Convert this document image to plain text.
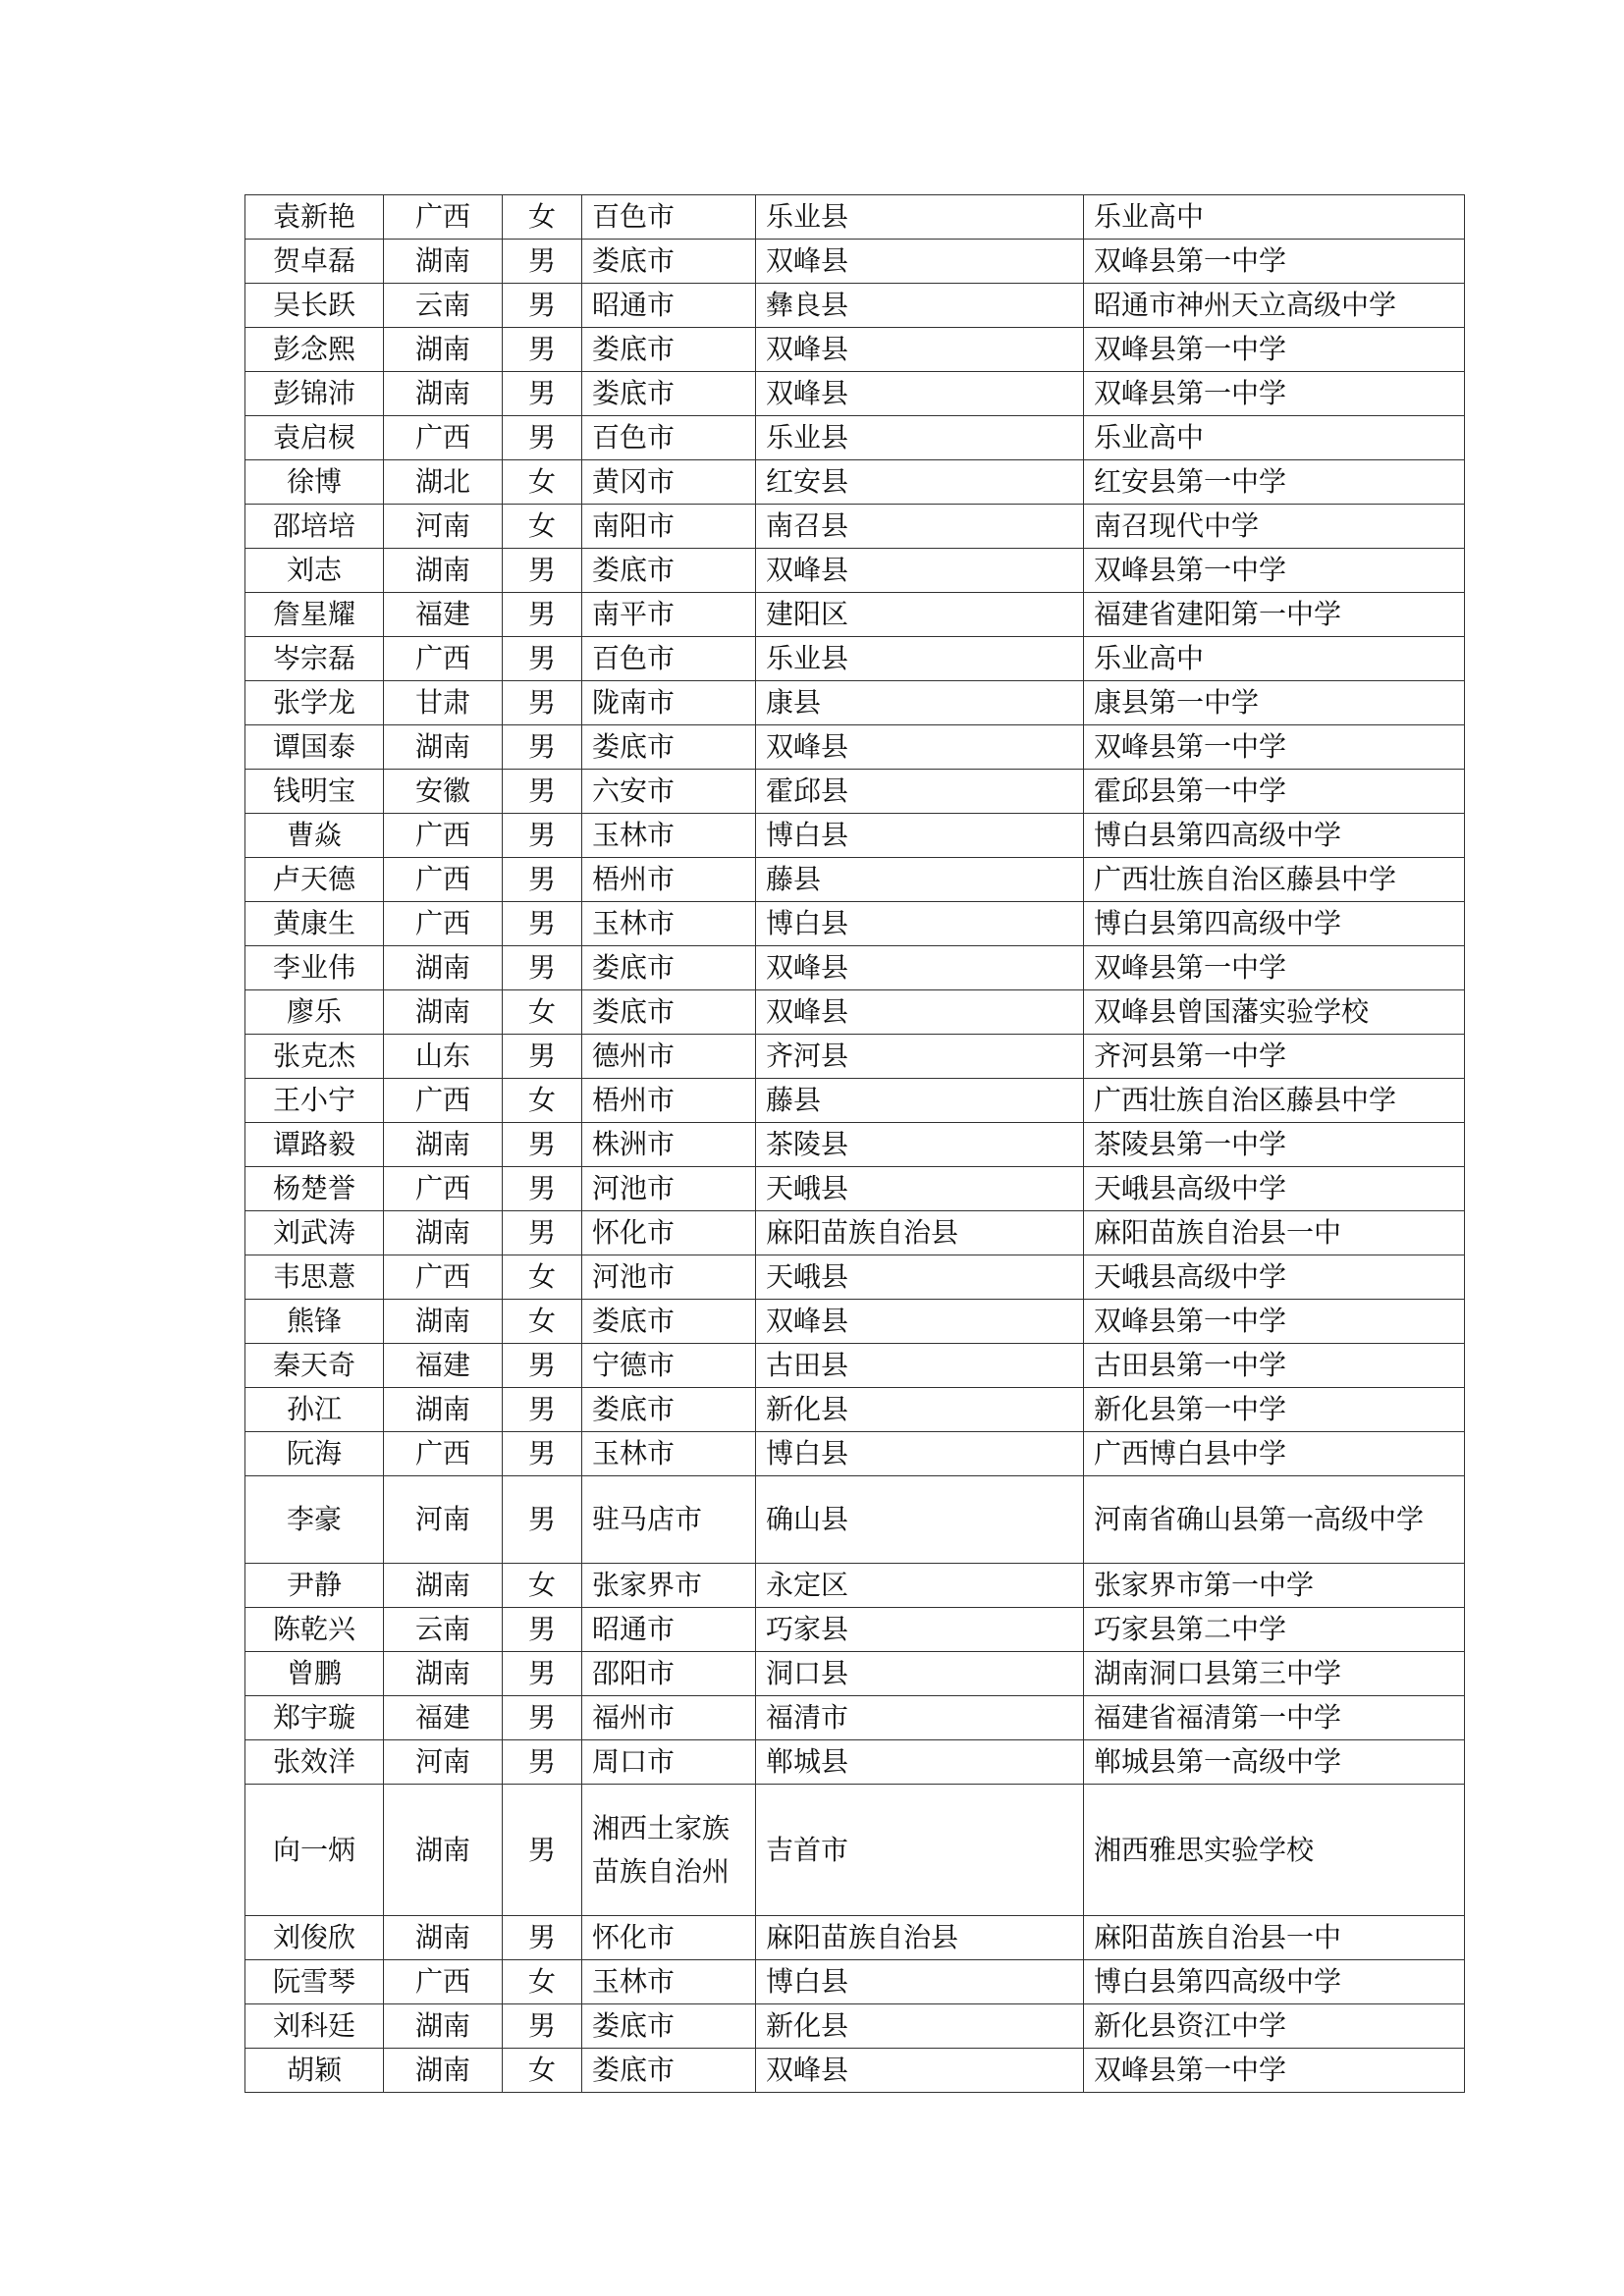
袁新艳	广西	女	百色市	乐业县	乐业高中
贺卓磊	湖南	男	娄底市	双峰县	双峰县第一中学
吴长跃	云南	男	昭通市	彝良县	昭通市神州天立高级中学
彭念熙	湖南	男	娄底市	双峰县	双峰县第一中学
彭锦沛	湖南	男	娄底市	双峰县	双峰县第一中学
袁启棂	广西	男	百色市	乐业县	乐业高中
徐博	湖北	女	黄冈市	红安县	红安县第一中学
邵培培	河南	女	南阳市	南召县	南召现代中学
刘志	湖南	男	娄底市	双峰县	双峰县第一中学
詹星耀	福建	男	南平市	建阳区	福建省建阳第一中学
岑宗磊	广西	男	百色市	乐业县	乐业高中
张学龙	甘肃	男	陇南市	康县	康县第一中学
谭国泰	湖南	男	娄底市	双峰县	双峰县第一中学
钱明宝	安徽	男	六安市	霍邱县	霍邱县第一中学
曹焱	广西	男	玉林市	博白县	博白县第四高级中学
卢天德	广西	男	梧州市	藤县	广西壮族自治区藤县中学
黄康生	广西	男	玉林市	博白县	博白县第四高级中学
李业伟	湖南	男	娄底市	双峰县	双峰县第一中学
廖乐	湖南	女	娄底市	双峰县	双峰县曾国藩实验学校
张克杰	山东	男	德州市	齐河县	齐河县第一中学
王小宁	广西	女	梧州市	藤县	广西壮族自治区藤县中学
谭路毅	湖南	男	株洲市	茶陵县	茶陵县第一中学
杨楚誉	广西	男	河池市	天峨县	天峨县高级中学
刘武涛	湖南	男	怀化市	麻阳苗族自治县	麻阳苗族自治县一中
韦思薏	广西	女	河池市	天峨县	天峨县高级中学
熊锋	湖南	女	娄底市	双峰县	双峰县第一中学
秦天奇	福建	男	宁德市	古田县	古田县第一中学
孙江	湖南	男	娄底市	新化县	新化县第一中学
阮海	广西	男	玉林市	博白县	广西博白县中学
李豪	河南	男	驻马店市	确山县	河南省确山县第一高级中学
尹静	湖南	女	张家界市	永定区	张家界市第一中学
陈乾兴	云南	男	昭通市	巧家县	巧家县第二中学
曾鹏	湖南	男	邵阳市	洞口县	湖南洞口县第三中学
郑宇璇	福建	男	福州市	福清市	福建省福清第一中学
张效洋	河南	男	周口市	郸城县	郸城县第一高级中学
向一炳	湖南	男	湘西土家族苗族自治州	吉首市	湘西雅思实验学校
刘俊欣	湖南	男	怀化市	麻阳苗族自治县	麻阳苗族自治县一中
阮雪琴	广西	女	玉林市	博白县	博白县第四高级中学
刘科廷	湖南	男	娄底市	新化县	新化县资江中学
胡颖	湖南	女	娄底市	双峰县	双峰县第一中学
